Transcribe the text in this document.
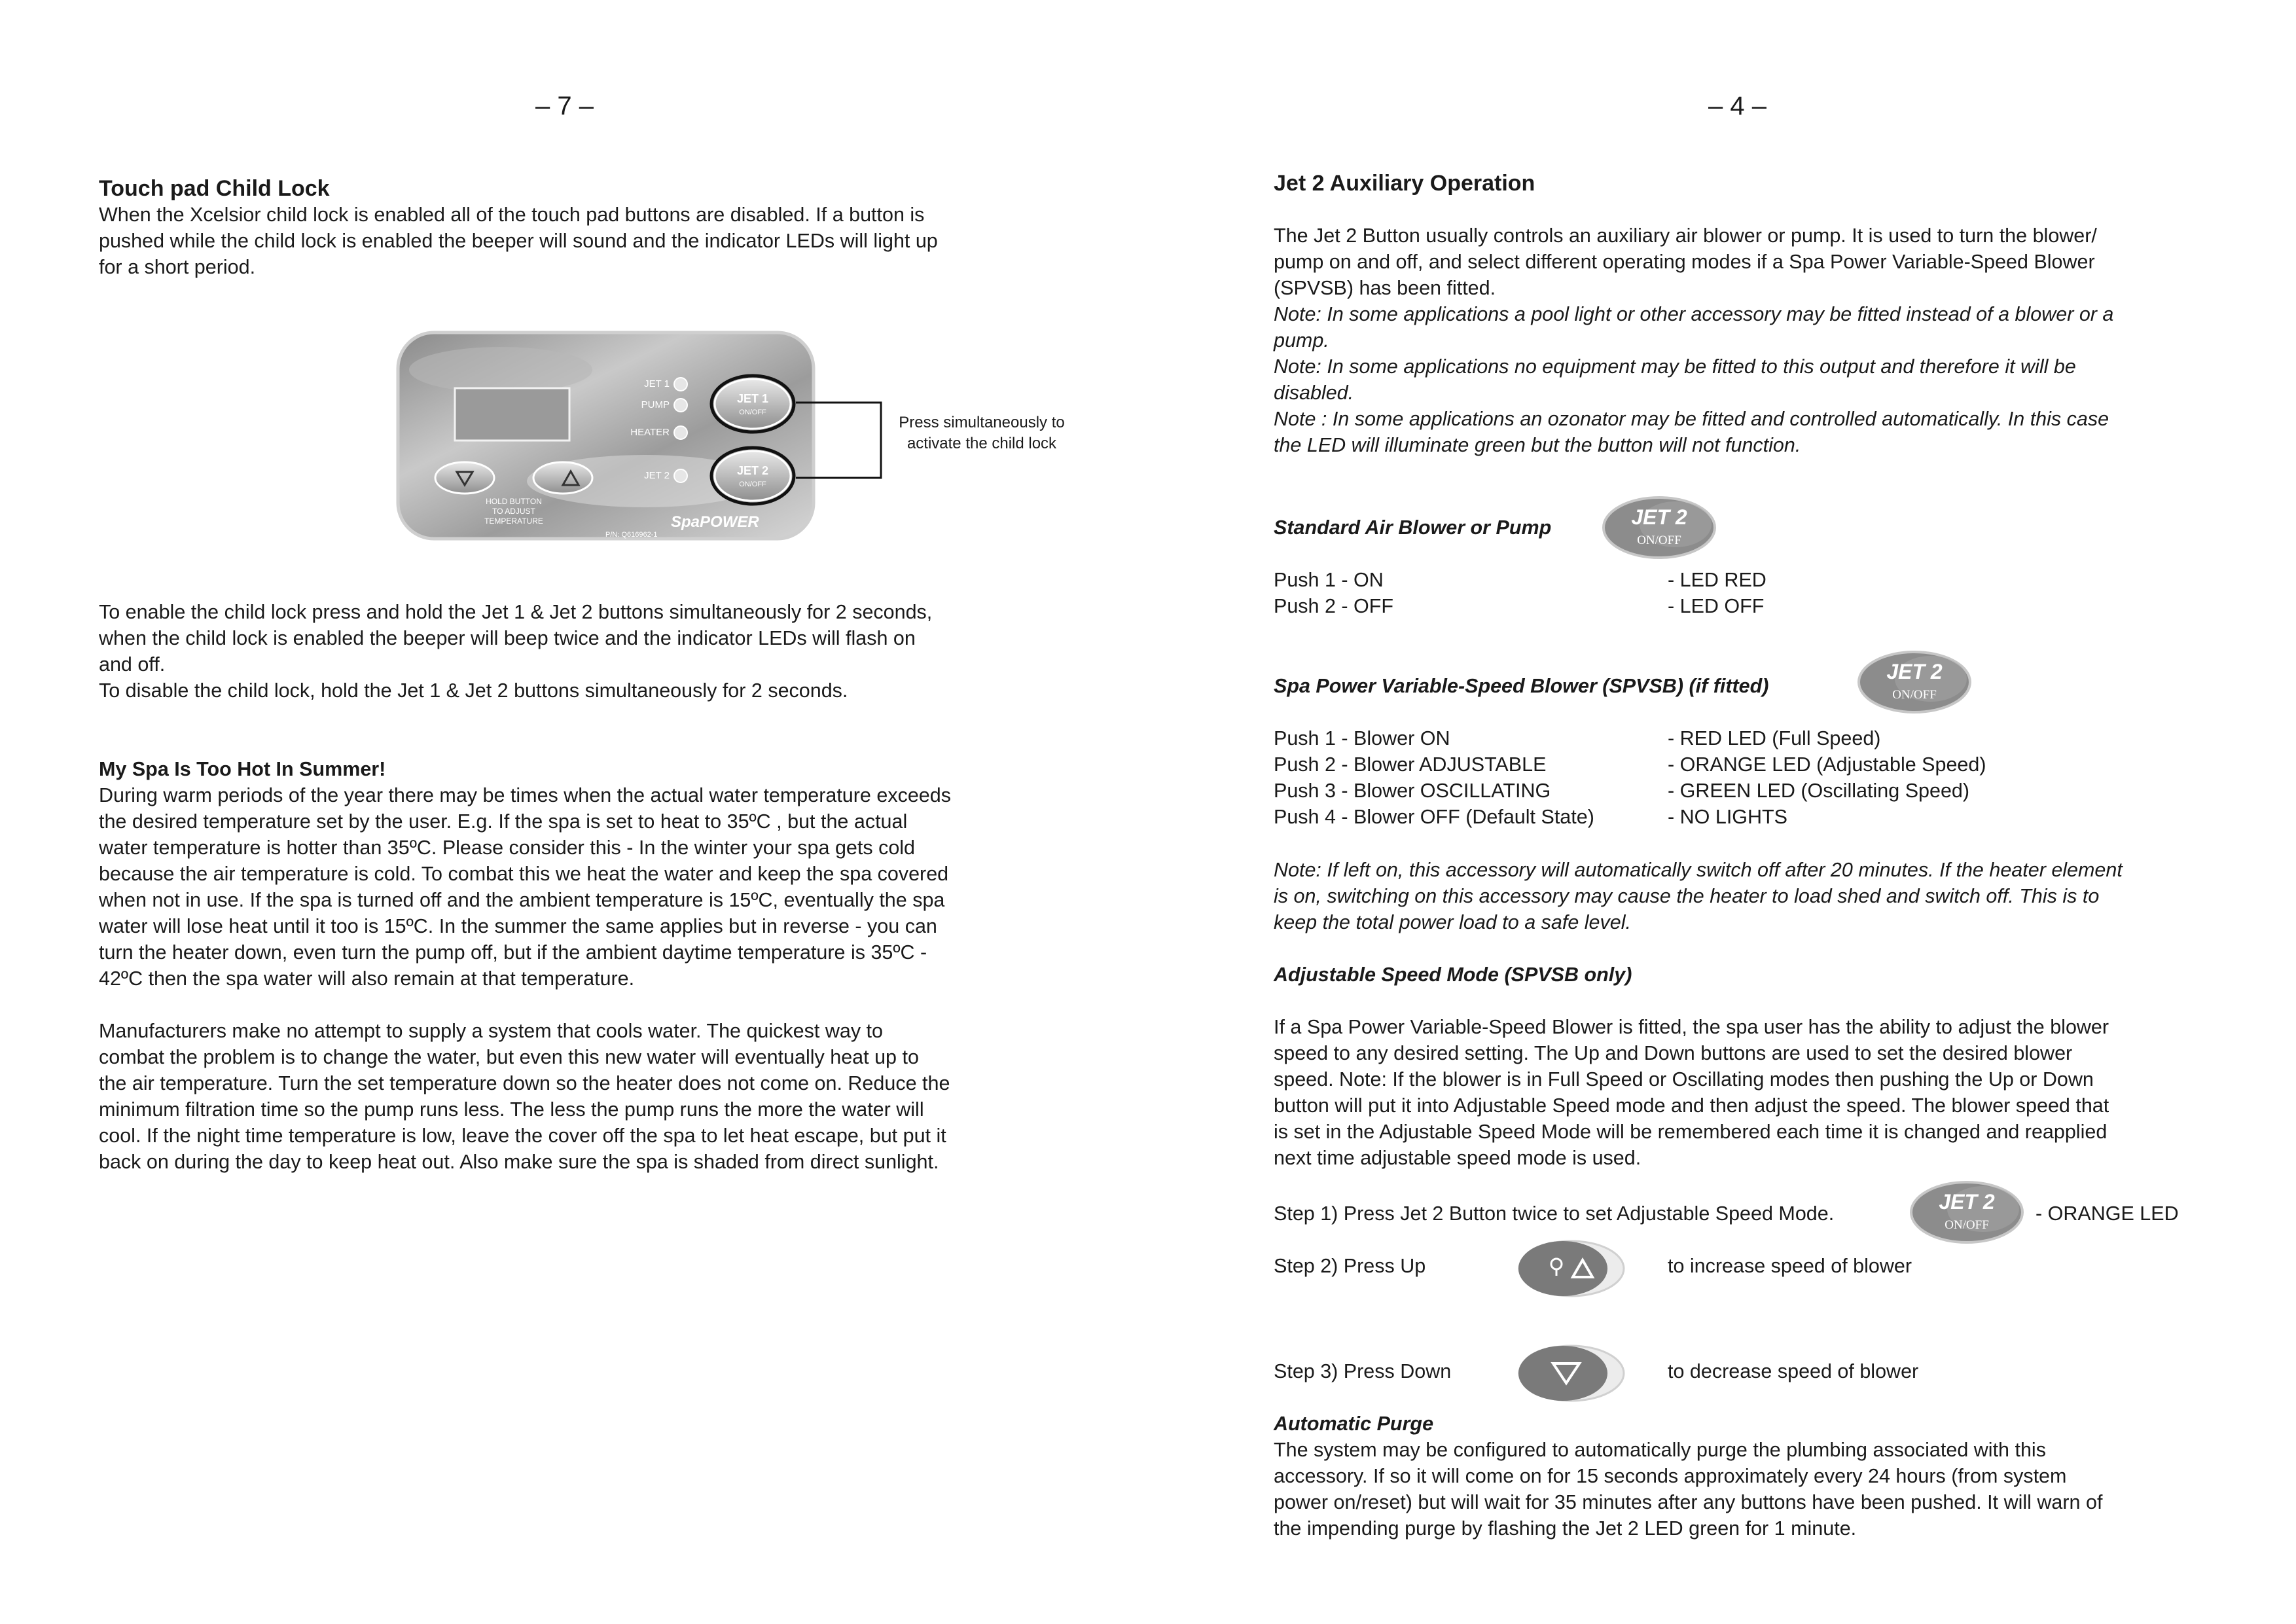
– 7 –
Touch pad Child Lock
When the Xcelsior child lock is enabled all of the touch pad buttons are disabled. If a button is
pushed while the child lock is enabled the beeper will sound and the indicator LEDs will light up
for a short period.
JET 1
PUMP
HEATER
JET 2
JET 1
ON/OFF
JET 2
ON/OFF
HOLD BUTTON
TO ADJUST
TEMPERATURE
P/N: Q616962-1
SpaPOWER
Press simultaneously to
activate the child lock
To enable the child lock press and hold the Jet 1 & Jet 2 buttons simultaneously for 2 seconds,
when the child lock is enabled the beeper will beep twice and the indicator LEDs will flash on
and off.
To disable the child lock, hold the Jet 1 & Jet 2 buttons simultaneously for 2 seconds.
My Spa Is Too Hot In Summer!
During warm periods of the year there may be times when the actual water temperature exceeds
the desired temperature set by the user. E.g. If the spa is set to heat to 35ºC , but the actual
water temperature is hotter than 35ºC. Please consider this - In the winter your spa gets cold
because the air temperature is cold. To combat this we heat the water and keep the spa covered
when not in use. If the spa is turned off and the ambient temperature is 15ºC, eventually the spa
water will lose heat until it too is 15ºC. In the summer the same applies but in reverse - you can
turn the heater down, even turn the pump off, but if the ambient daytime temperature is 35ºC -
42ºC then the spa water will also remain at that temperature.

Manufacturers make no attempt to supply a system that cools water. The quickest way to
combat the problem is to change the water, but even this new water will eventually heat up to
the air temperature. Turn the set temperature down so the heater does not come on. Reduce the
minimum filtration time so the pump runs less. The less the pump runs the more the water will
cool. If the night time temperature is low, leave the cover off the spa to let heat escape, but put it
back on during the day to keep heat out. Also make sure the spa is shaded from direct sunlight.
– 4 –
Jet 2 Auxiliary Operation

The Jet 2 Button usually controls an auxiliary air blower or pump. It is used to turn the blower/
pump on and off, and select different operating modes if a Spa Power Variable-Speed Blower
(SPVSB) has been fitted.
Note: In some applications a pool light or other accessory may be fitted instead of a blower or a
pump.
Note: In some applications no equipment may be fitted to this output and therefore it will be
disabled.
Note : In some applications an ozonator may be fitted and controlled automatically. In this case
the LED will illuminate green but the button will not function.
Standard Air Blower or Pump	JET 2
ON/OFF
Push 1 - ON	- LED RED
Push 2 - OFF	- LED OFF
Spa Power Variable-Speed Blower (SPVSB) (if fitted)
JET 2
ON/OFF
Push 1 - Blower ON	- RED LED (Full Speed)
Push 2 - Blower ADJUSTABLE	- ORANGE LED (Adjustable Speed)
Push 3 - Blower OSCILLATING	- GREEN LED (Oscillating Speed)
Push 4 - Blower OFF (Default State)	- NO LIGHTS
Note: If left on, this accessory will automatically switch off after 20 minutes. If the heater element
is on, switching on this accessory may cause the heater to load shed and switch off. This is to
keep the total power load to a safe level.
Adjustable Speed Mode (SPVSB only)

If a Spa Power Variable-Speed Blower is fitted, the spa user has the ability to adjust the blower
speed to any desired setting. The Up and Down buttons are used to set the desired blower
speed. Note: If the blower is in Full Speed or Oscillating modes then pushing the Up or Down
button will put it into Adjustable Speed mode and then adjust the speed. The blower speed that
is set in the Adjustable Speed Mode will be remembered each time it is changed and reapplied
next time adjustable speed mode is used.
Step 1) Press Jet 2 Button twice to set Adjustable Speed Mode.	JET 2
ON/OFF
- ORANGE LED
Step 2) Press Up	to increase speed of blower
Step 3) Press Down	to decrease speed of blower
Automatic Purge
The system may be configured to automatically purge the plumbing associated with this
accessory. If so it will come on for 15 seconds approximately every 24 hours (from system
power on/reset) but will wait for 35 minutes after any buttons have been pushed. It will warn of
the impending purge by flashing the Jet 2 LED green for 1 minute.
